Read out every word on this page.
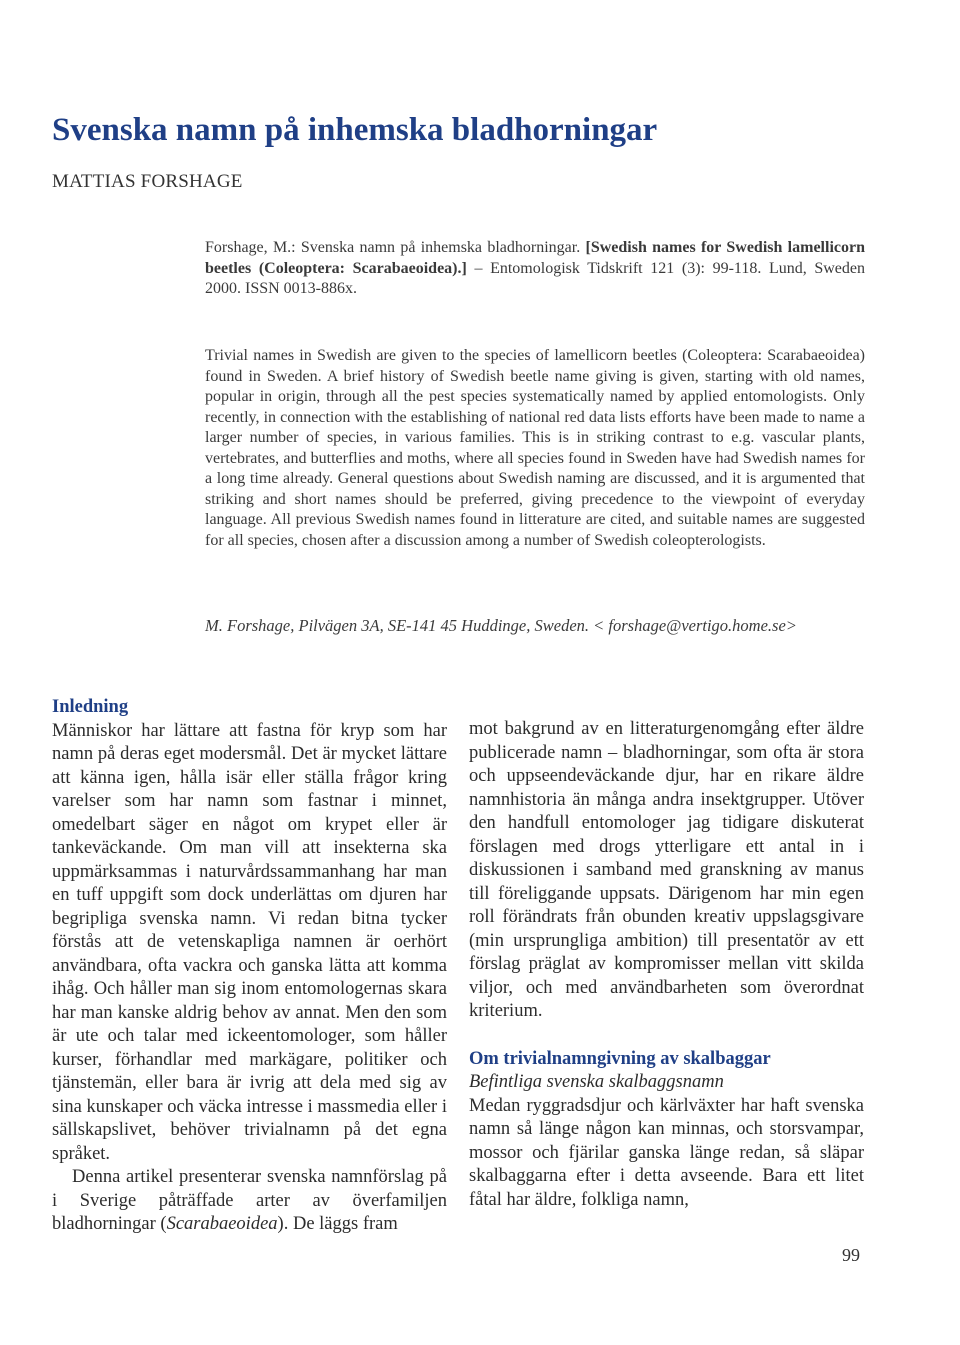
Svenska namn på inhemska bladhorningar
MATTIAS FORSHAGE

Forshage, M.: Svenska namn på inhemska bladhorningar. [Swedish names for Swedish lamellicorn beetles (Coleoptera: Scarabaeoidea).] – Entomologisk Tidskrift 121 (3): 99-118. Lund, Sweden 2000. ISSN 0013-886x.

Trivial names in Swedish are given to the species of lamellicorn beetles (Coleoptera: Scarabaeoidea) found in Sweden. A brief history of Swedish beetle name giving is given, starting with old names, popular in origin, through all the pest species systematically named by applied entomologists. Only recently, in connection with the establishing of national red data lists efforts have been made to name a larger number of species, in various families. This is in striking contrast to e.g. vascular plants, vertebrates, and butterflies and moths, where all species found in Sweden have had Swedish names for a long time already. General questions about Swedish naming are discussed, and it is argumented that striking and short names should be preferred, giving precedence to the viewpoint of everyday language. All previous Swedish names found in litterature are cited, and suitable names are suggested for all species, chosen after a discussion among a number of Swedish coleopterologists.

M. Forshage, Pilvägen 3A, SE-141 45 Huddinge, Sweden. < forshage@vertigo.home.se>

Inledning

Människor har lättare att fastna för kryp som har namn på deras eget modersmål. Det är mycket lättare att känna igen, hålla isär eller ställa frågor kring varelser som har namn som fastnar i minnet, omedelbart säger en något om krypet eller är tankeväckande. Om man vill att insekterna ska uppmärksammas i naturvårdssammanhang har man en tuff uppgift som dock underlättas om djuren har begripliga svenska namn. Vi redan bitna tycker förstås att de vetenskapliga namnen är oerhört användbara, ofta vackra och ganska lätta att komma ihåg. Och håller man sig inom entomologernas skara har man kanske aldrig behov av annat. Men den som är ute och talar med ickeentomologer, som håller kurser, förhandlar med markägare, politiker och tjänstemän, eller bara är ivrig att dela med sig av sina kunskaper och väcka intresse i massmedia eller i sällskapslivet, behöver trivialnamn på det egna språket.

Denna artikel presenterar svenska namnförslag på i Sverige påträffade arter av överfamiljen bladhorningar (Scarabaeoidea). De läggs fram

mot bakgrund av en litteraturgenomgång efter äldre publicerade namn – bladhorningar, som ofta är stora och uppseendeväckande djur, har en rikare äldre namnhistoria än många andra insektgrupper. Utöver den handfull entomologer jag tidigare diskuterat förslagen med drogs ytterligare ett antal in i diskussionen i samband med granskning av manus till föreliggande uppsats. Därigenom har min egen roll förändrats från obunden kreativ uppslagsgivare (min ursprungliga ambition) till presentatör av ett förslag präglat av kompromisser mellan vitt skilda viljor, och med användbarheten som överordnat kriterium.

Om trivialnamngivning av skalbaggar
Befintliga svenska skalbaggsnamn

Medan ryggradsdjur och kärlväxter har haft svenska namn så länge någon kan minnas, och storsvampar, mossor och fjärilar ganska länge redan, så släpar skalbaggarna efter i detta avseende. Bara ett litet fåtal har äldre, folkliga namn,

99
